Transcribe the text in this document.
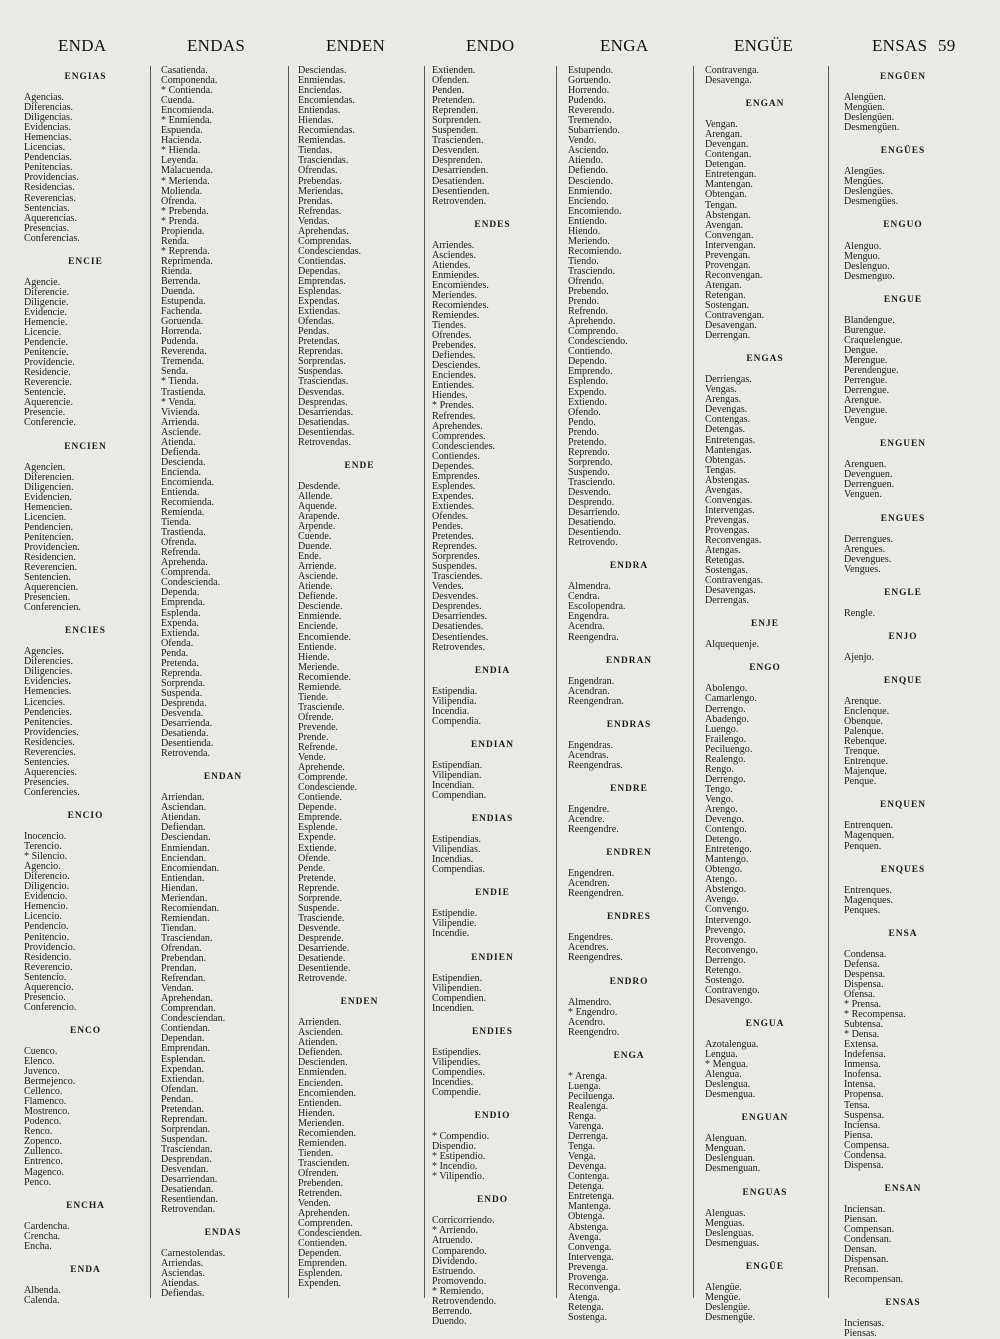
ENDA	ENDAS	ENDEN	ENDO	ENGA	ENGÜE	ENSAS 59
ENGIAS
Agencias.
Diferencias.
Diligencias.
Evidencias.
Hemencias.
Licencias.
Pendencias.
Penitencias.
Providencias.
Residencias.
Reverencias.
Sentencias.
Aquerencias.
Presencias.
Conferencias.
ENCIE
Agencie.
Diferencie.
Diligencie.
Evidencie.
Hemencie.
Licencie.
Pendencie.
Penitencie.
Providencie.
Residencie.
Reverencie.
Sentencie.
Aquerencie.
Presencie.
Conferencie.
ENCIEN
Agencien.
Diferencien.
Diligencien.
Evidencien.
Hemencien.
Licencien.
Pendencien.
Penitencien.
Providencien.
Residencien.
Reverencien.
Sentencien.
Aquerencien.
Presencien.
Conferencien.
ENCIES
Agencies.
Diferencies.
Diligencies.
Evidencies.
Hemencies.
Licencies.
Pendencies.
Penitencies.
Providencies.
Residencies.
Reverencies.
Sentencies.
Aquerencies.
Presencies.
Conferencies.
ENCIO
Inocencio.
Terencio.
* Silencio.
Agencio.
Diferencio.
Diligencio.
Evidencio.
Hemencio.
Licencio.
Pendencio.
Penitencio.
Providencio.
Residencio.
Reverencio.
Sentencio.
Aquerencio.
Presencio.
Conferencio.
ENCO
Cuenco.
Elenco.
Juvenco.
Bermejenco.
Cellenco.
Flamenco.
Mostrenco.
Podenco.
Renco.
Zopenco.
Zullenco.
Entrenco.
Magenco.
Penco.
ENCHA
Cardencha.
Crencha.
Encha.
ENDA
Albenda.
Calenda.
Casatienda.
Componenda.
* Contienda.
Cuenda.
Encomienda.
* Enmienda.
Espuenda.
Hacienda.
* Hienda.
Leyenda.
Malacuenda.
* Merienda.
Molienda.
Ofrenda.
* Prebenda.
* Prenda.
Propienda.
Renda.
* Reprenda.
Reprimenda.
Rienda.
Berrenda.
Duenda.
Estupenda.
Fachenda.
Goruenda.
Horrenda.
Pudenda.
Reverenda.
Tremenda.
Senda.
* Tienda.
Trastienda.
* Venda.
Vivienda.
Arrienda.
Asciende.
Atienda.
Defienda.
Descienda.
Encienda.
Encomienda.
Entienda.
Recomienda.
Remienda.
Tienda.
Trastienda.
Ofrenda.
Refrenda.
Aprehenda.
Comprenda.
Condescienda.
Dependa.
Emprenda.
Esplenda.
Expenda.
Extienda.
Ofenda.
Penda.
Pretenda.
Reprenda.
Sorprenda.
Suspenda.
Desprenda.
Desvenda.
Desarrienda.
Desatienda.
Desentienda.
Retrovenda.
ENDAN
Arriendan.
Asciendan.
Atiendan.
Defiendan.
Desciendan.
Enmiendan.
Enciendan.
Encomiendan.
Entiendan.
Hiendan.
Meriendan.
Recomiendan.
Remiendan.
Tiendan.
Trasciendan.
Ofrendan.
Prebendan.
Prendan.
Refrendan.
Vendan.
Aprehendan.
Comprendan.
Condesciendan.
Contiendan.
Dependan.
Emprendan.
Esplendan.
Expendan.
Extiendan.
Ofendan.
Pendan.
Pretendan.
Reprendan.
Sorprendan.
Suspendan.
Trasciendan.
Desprendan.
Desvendan.
Desarriendan.
Desatiendan.
Resentiendan.
Retrovendan.
ENDAS
Carnestolendas.
Arriendas.
Asciendas.
Atiendas.
Defiendas.
Desciendas.
Enmiendas.
Enciendas.
Encomiendas.
Entiendas.
Hiendas.
Recomiendas.
Remiendas.
Tiendas.
Trasciendas.
Ofrendas.
Prebendas.
Meriendas.
Prendas.
Refrendas.
Vendas.
Aprehendas.
Comprendas.
Condesciendas.
Contiendas.
Dependas.
Emprendas.
Esplendas.
Expendas.
Extiendas.
Ofendas.
Pendas.
Pretendas.
Reprendas.
Sorprendas.
Suspendas.
Trasciendas.
Desvendas.
Desprendas.
Desarriendas.
Desatiendas.
Desentiendas.
Retrovendas.
ENDE
Desdende.
Allende.
Aquende.
Arapende.
Arpende.
Cuende.
Duende.
Ende.
Arriende.
Asciende.
Atiende.
Defiende.
Desciende.
Enmiende.
Enciende.
Encomiende.
Entiende.
Hiende.
Meriende.
Recomiende.
Remiende.
Tiende.
Trasciende.
Ofrende.
Prevende.
Prende.
Refrende.
Vende.
Aprehende.
Comprende.
Condesciende.
Contiende.
Depende.
Emprende.
Esplende.
Expende.
Extiende.
Ofende.
Pende.
Pretende.
Reprende.
Sorprende.
Suspende.
Trasciende.
Desvende.
Desprende.
Desarriende.
Desatiende.
Desentiende.
Retrovende.
ENDEN
Arrienden.
Ascienden.
Atienden.
Defienden.
Descienden.
Enmienden.
Encienden.
Encomienden.
Entienden.
Hienden.
Merienden.
Recomienden.
Remienden.
Tienden.
Trascienden.
Ofrenden.
Prebenden.
Retrenden.
Venden.
Aprehenden.
Comprenden.
Condescienden.
Contienden.
Dependen.
Emprenden.
Esplenden.
Expenden.
Extienden.
Ofenden.
Penden.
Pretenden.
Reprenden.
Sorprenden.
Suspenden.
Trascienden.
Desvenden.
Desprenden.
Desarrienden.
Desatienden.
Desentienden.
Retrovenden.
ENDES
Arriendes.
Asciendes.
Atiendes.
Enmiendes.
Encomiendes.
Meriendes.
Recomiendes.
Remiendes.
Tiendes.
Ofrendes.
Prebendes.
Defiendes.
Desciendes.
Enciendes.
Entiendes.
Hiendes.
* Prendes.
Refrendes.
Aprehendes.
Comprendes.
Condesciendes.
Contiendes.
Dependes.
Emprendes.
Esplendes.
Expendes.
Extiendes.
Ofendes.
Pendes.
Pretendes.
Reprendes.
Sorprendes.
Suspendes.
Trasciendes.
Vendes.
Desvendes.
Desprendes.
Desarriendes.
Desatiendes.
Desentiendes.
Retrovendes.
ENDIA
Estipendia.
Vilipendia.
Incendia.
Compendia.
ENDIAN
Estipendian.
Vilipendian.
Incendian.
Compendian.
ENDIAS
Estipendias.
Vilipendias.
Incendias.
Compendias.
ENDIE
Estipendie.
Vilipendie.
Incendie.
ENDIEN
Estipendien.
Vilipendien.
Compendien.
Incendien.
ENDIES
Estipendies.
Vilipendies.
Compendies.
Incendies.
Compendie.
ENDIO
* Compendio.
Dispendio.
* Estipendio.
* Incendio.
* Vilipendio.
ENDO
Corricorriendo.
* Arriendo.
Atruendo.
Comparendo.
Dividendo.
Estruendo.
Promovendo.
* Remiendo.
Retrovendendo.
Berrendo.
Duendo.
Estupendo.
Goruendo.
Horrendo.
Pudendo.
Reverendo.
Tremendo.
Subarriendo.
Vendo.
Asciendo.
Atiendo.
Defiendo.
Desciendo.
Enmiendo.
Enciendo.
Encomiendo.
Entiendo.
Hiendo.
Meriendo.
Recomiendo.
Tiendo.
Trasciendo.
Ofrendo.
Prebendo.
Prendo.
Refrendo.
Aprehendo.
Comprendo.
Condesciendo.
Contiendo.
Dependo.
Emprendo.
Esplendo.
Expendo.
Extiendo.
Ofendo.
Pendo.
Prendo.
Pretendo.
Reprendo.
Sorprendo.
Suspendo.
Trasciendo.
Desvendo.
Desprendo.
Desarriendo.
Desatiendo.
Desentiendo.
Retrovendo.
ENDRA
Almendra.
Cendra.
Escolopendra.
Engendra.
Acendra.
Reengendra.
ENDRAN
Engendran.
Acendran.
Reengendran.
ENDRAS
Engendras.
Acendras.
Reengendras.
ENDRE
Engendre.
Acendre.
Reengendre.
ENDREN
Engendren.
Acendren.
Reengendren.
ENDRES
Engendres.
Acendres.
Reengendres.
ENDRO
Almendro.
* Engendro.
Acendro.
Reengendro.
ENGA
* Arenga.
Luenga.
Peciluenga.
Realenga.
Renga.
Varenga.
Derrenga.
Tenga.
Venga.
Devenga.
Contenga.
Detenga.
Entretenga.
Mantenga.
Obtenga.
Abstenga.
Avenga.
Convenga.
Intervenga.
Prevenga.
Provenga.
Reconvenga.
Atenga.
Retenga.
Sostenga.
Contravenga.
Desavenga.
ENGAN
Vengan.
Arengan.
Devengan.
Contengan.
Detengan.
Entretengan.
Mantengan.
Obtengan.
Tengan.
Abstengan.
Avengan.
Convengan.
Intervengan.
Prevengan.
Provengan.
Reconvengan.
Atengan.
Retengan.
Sostengan.
Contravengan.
Desavengan.
Derrengan.
ENGAS
Derriengas.
Vengas.
Arengas.
Devengas.
Contengas.
Detengas.
Entretengas.
Mantengas.
Obtengas.
Tengas.
Abstengas.
Avengas.
Convengas.
Intervengas.
Prevengas.
Provengas.
Reconvengas.
Atengas.
Retengas.
Sostengas.
Contravengas.
Desavengas.
Derrengas.
ENJE
Alquequenje.
ENGO
Abolengo.
Camarlengo.
Derrengo.
Abadengo.
Luengo.
Frailengo.
Peciluengo.
Realengo.
Rengo.
Derrengo.
Tengo.
Vengo.
Arengo.
Devengo.
Contengo.
Detengo.
Entretengo.
Mantengo.
Obtengo.
Atengo.
Abstengo.
Avengo.
Convengo.
Intervengo.
Prevengo.
Provengo.
Reconvengo.
Derrengo.
Retengo.
Sostengo.
Contravengo.
Desavengo.
ENGUA
Azotalengua.
Lengua.
* Mengua.
Alengua.
Deslengua.
Desmengua.
ENGUAN
Alenguan.
Menguan.
Deslenguan.
Desmenguan.
ENGUAS
Alenguas.
Menguas.
Deslenguas.
Desmenguas.
ENGÜE
Alengüe.
Mengüe.
Deslengüe.
Desmengüe.
ENGÜEN
Alengüen.
Mengüen.
Deslengüen.
Desmengüen.
ENGÜES
Alengües.
Mengües.
Deslengües.
Desmengües.
ENGUO
Alenguo.
Menguo.
Deslenguo.
Desmenguo.
ENGUE
Blandengue.
Burengue.
Craquelengue.
Dengue.
Merengue.
Perendengue.
Perrengue.
Derrengue.
Arengue.
Devengue.
Vengue.
ENGUEN
Arenguen.
Devenguen.
Derrenguen.
Venguen.
ENGUES
Derrengues.
Arengues.
Devengues.
Vengues.
ENGLE
Rengle.
ENJO
Ajenjo.
ENQUE
Arenque.
Enclenque.
Obenque.
Palenque.
Rebenque.
Trenque.
Entrenque.
Majenque.
Penque.
ENQUEN
Entrenquen.
Magenquen.
Penquen.
ENQUES
Entrenques.
Magenques.
Penques.
ENSA
Condensa.
Defensa.
Despensa.
Dispensa.
Ofensa.
* Prensa.
* Recompensa.
Subtensa.
* Densa.
Extensa.
Indefensa.
Inmensa.
Inofensa.
Intensa.
Propensa.
Tensa.
Suspensa.
Inciensa.
Piensa.
Compensa.
Condensa.
Dispensa.
ENSAN
Inciensan.
Piensan.
Compensan.
Condensan.
Densan.
Dispensan.
Prensan.
Recompensan.
ENSAS
Inciensas.
Piensas.
